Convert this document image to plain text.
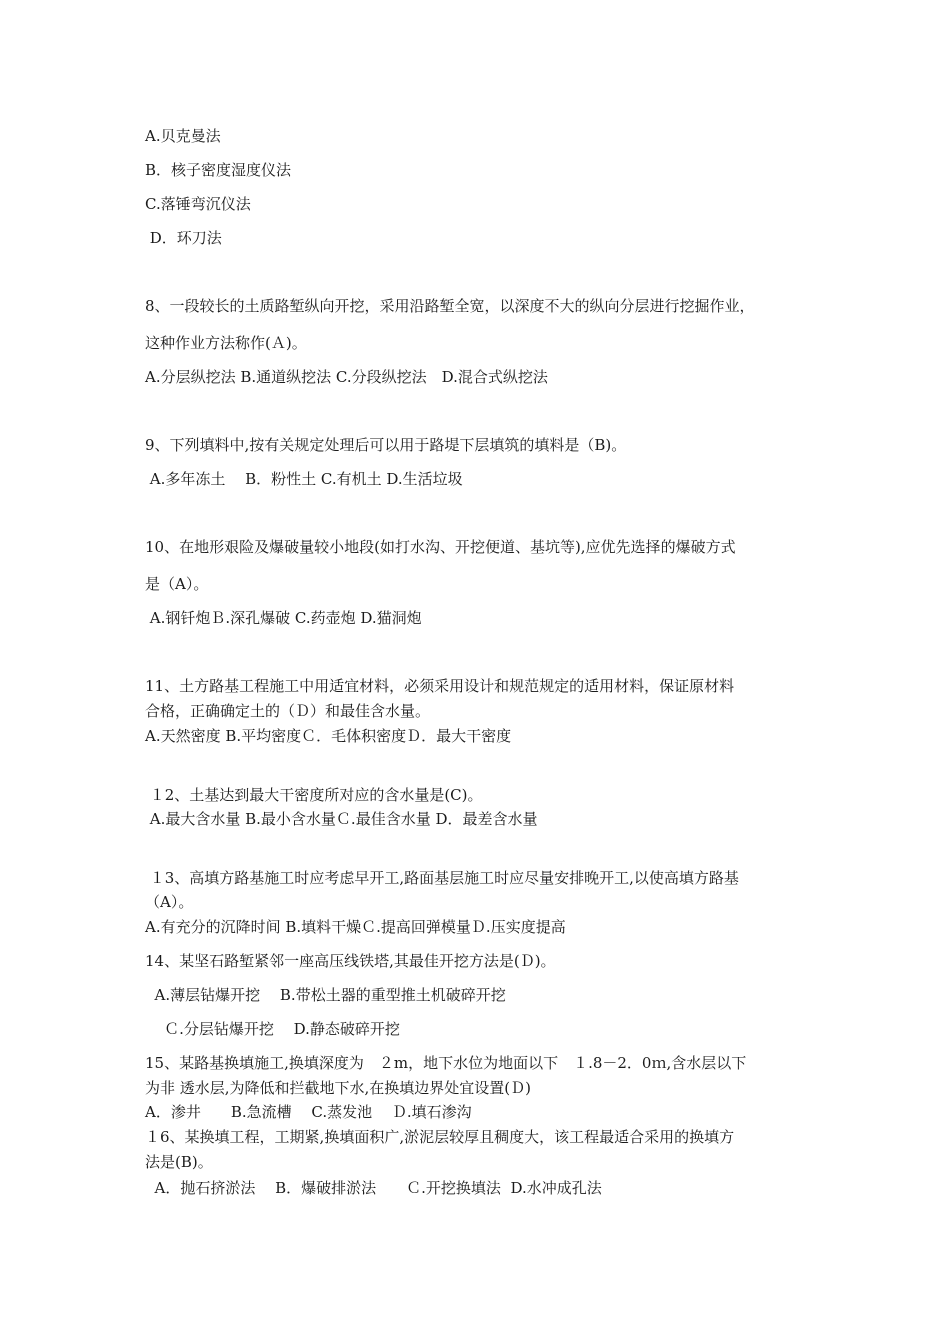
A.贝克曼法

B．核子密度湿度仪法

C.落锤弯沉仪法

D．环刀法

8、一段较长的土质路堑纵向开挖，采用沿路堑全宽，以深度不大的纵向分层进行挖掘作业，

这种作业方法称作(Ａ)。

A.分层纵挖法 B.通道纵挖法 C.分段纵挖法　D.混合式纵挖法

9、下列填料中,按有关规定处理后可以用于路堤下层填筑的填料是（B)。

A.多年冻土　 B．粉性土 C.有机土 D.生活垃圾

10、在地形艰险及爆破量较小地段(如打水沟、开挖便道、基坑等),应优先选择的爆破方式

是（A）。

A.钢钎炮Ｂ.深孔爆破 C.药壶炮 D.猫洞炮

11、土方路基工程施工中用适宜材料，必须采用设计和规范规定的适用材料，保证原材料

合格，正确确定土的（Ｄ）和最佳含水量。

A.天然密度 B.平均密度Ｃ．毛体积密度Ｄ．最大干密度

１2、土基达到最大干密度所对应的含水量是(C)。

A.最大含水量 B.最小含水量Ｃ.最佳含水量 D．最差含水量

１3、高填方路基施工时应考虑早开工,路面基层施工时应尽量安排晚开工,以使高填方路基

（A）。

A.有充分的沉降时间 B.填料干燥Ｃ.提高回弹模量Ｄ.压实度提高

14、某坚石路堑紧邻一座高压线铁塔,其最佳开挖方法是(Ｄ)。

A.薄层钻爆开挖　 B.带松土器的重型推土机破碎开挖

Ｃ.分层钻爆开挖　 D.静态破碎开挖

15、某路基换填施工,换填深度为　２m，地下水位为地面以下　１.8－2．0ｍ,含水层以下

为非 透水层,为降低和拦截地下水,在换填边界处宜设置(Ｄ)

A．渗井　　B.急流槽　 C.蒸发池　 Ｄ.填石渗沟

１6、某换填工程，工期紧,换填面积广,淤泥层较厚且稠度大，该工程最适合采用的换填方

法是(B)。

A．抛石挤淤法　 B．爆破排淤法　　Ｃ.开挖换填法  D.水冲成孔法
